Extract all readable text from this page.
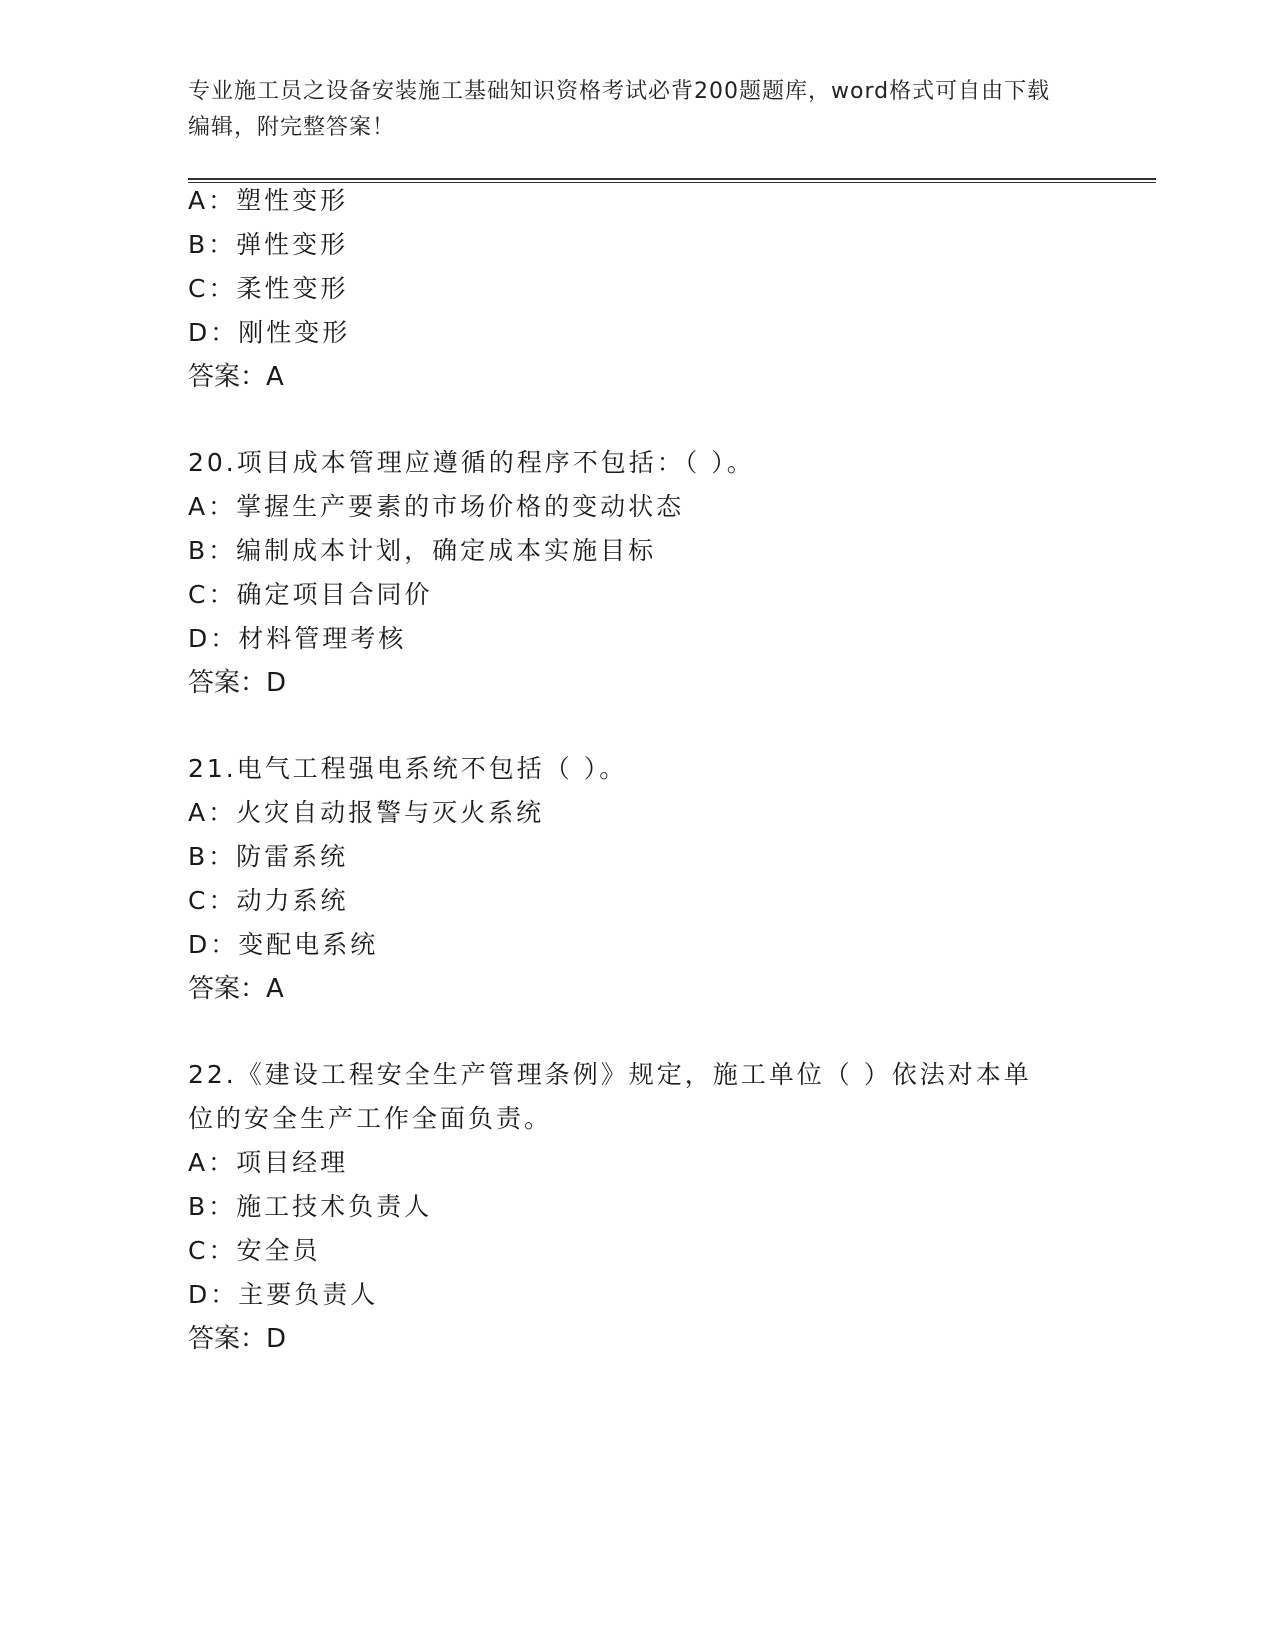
专业施工员之设备安装施工基础知识资格考试必背200题题库，word格式可自由下载编辑，附完整答案！
A：塑性变形
B：弹性变形
C：柔性变形
D：刚性变形
答案：A
20.项目成本管理应遵循的程序不包括：（ ）。
A：掌握生产要素的市场价格的变动状态
B：编制成本计划，确定成本实施目标
C：确定项目合同价
D：材料管理考核
答案：D
21.电气工程强电系统不包括（ ）。
A：火灾自动报警与灭火系统
B：防雷系统
C：动力系统
D：变配电系统
答案：A
22.《建设工程安全生产管理条例》规定，施工单位（ ）依法对本单
位的安全生产工作全面负责。
A：项目经理
B：施工技术负责人
C：安全员
D：主要负责人
答案：D
